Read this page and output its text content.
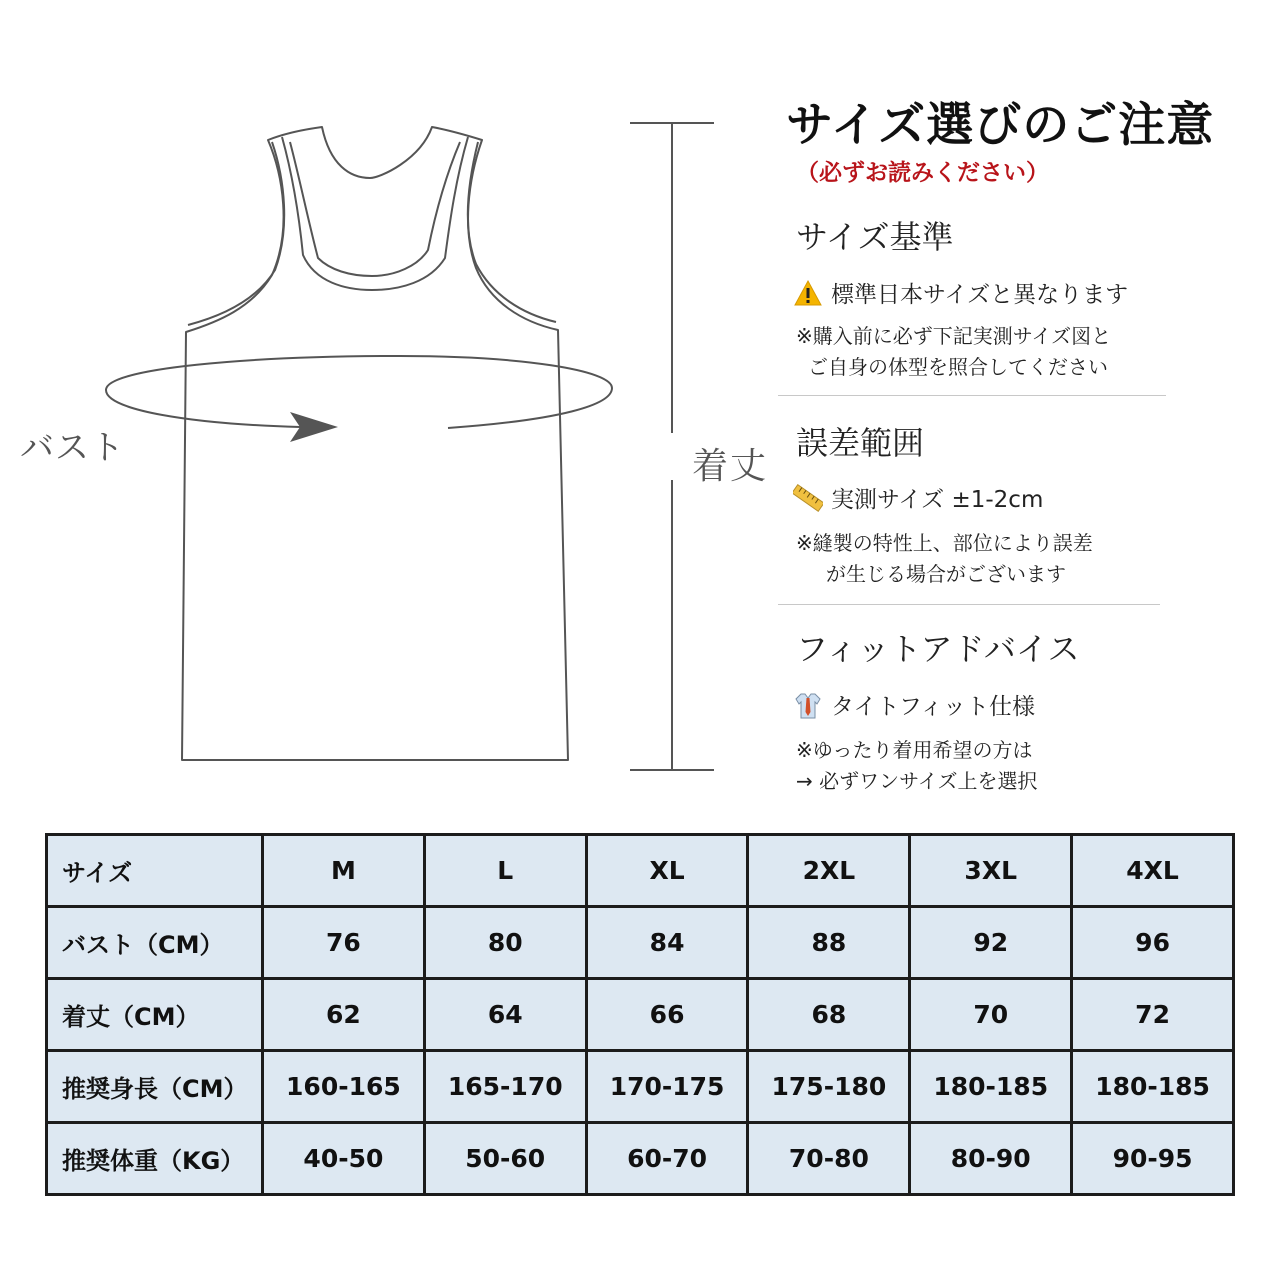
バスト	着丈
サイズ選びのご注意
（必ずお読みください）
サイズ基準
標準日本サイズと異なります
※購入前に必ず下記実測サイズ図と
ご自身の体型を照合してください
誤差範囲
実測サイズ ±1-2cm
※縫製の特性上、部位により誤差
が生じる場合がございます
フィットアドバイス
タイトフィット仕様
※ゆったり着用希望の方は
→ 必ずワンサイズ上を選択
サイズ	M	L	XL	2XL	3XL	4XL
バスト（CM）	76	80	84	88	92	96
着丈（CM）	62	64	66	68	70	72
推奨身長（CM）	160-165	165-170	170-175	175-180	180-185	180-185
推奨体重（KG）	40-50	50-60	60-70	70-80	80-90	90-95
